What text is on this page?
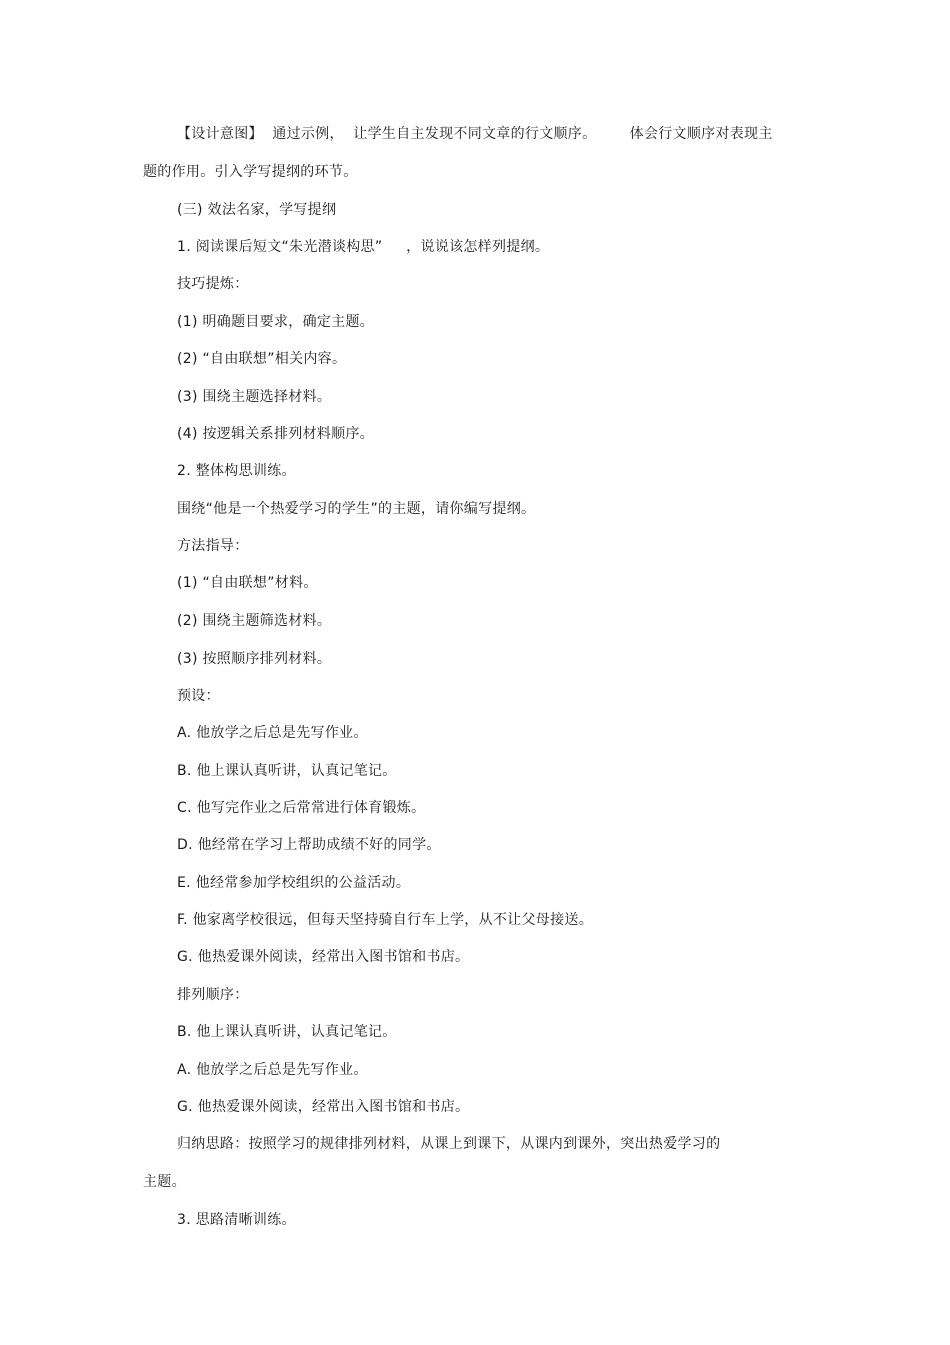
【设计意图】  通过示例，  让学生自主发现不同文章的行文顺序。       体会行文顺序对表现主
题的作用。引入学写提纲的环节。
(三) 效法名家，学写提纲
1. 阅读课后短文“朱光潜谈构思”     ，说说该怎样列提纲。
技巧提炼：
(1) 明确题目要求，确定主题。
(2) “自由联想”相关内容。
(3) 围绕主题选择材料。
(4) 按逻辑关系排列材料顺序。
2. 整体构思训练。
围绕“他是一个热爱学习的学生”的主题，请你编写提纲。
方法指导：
(1) “自由联想”材料。
(2) 围绕主题筛选材料。
(3) 按照顺序排列材料。
预设：
A. 他放学之后总是先写作业。
B. 他上课认真听讲，认真记笔记。
C. 他写完作业之后常常进行体育锻炼。
D. 他经常在学习上帮助成绩不好的同学。
E. 他经常参加学校组织的公益活动。
F. 他家离学校很远，但每天坚持骑自行车上学，从不让父母接送。
G. 他热爱课外阅读，经常出入图书馆和书店。
排列顺序：
B. 他上课认真听讲，认真记笔记。
A. 他放学之后总是先写作业。
G. 他热爱课外阅读，经常出入图书馆和书店。
归纳思路：按照学习的规律排列材料，从课上到课下，从课内到课外，突出热爱学习的
主题。
3. 思路清晰训练。
